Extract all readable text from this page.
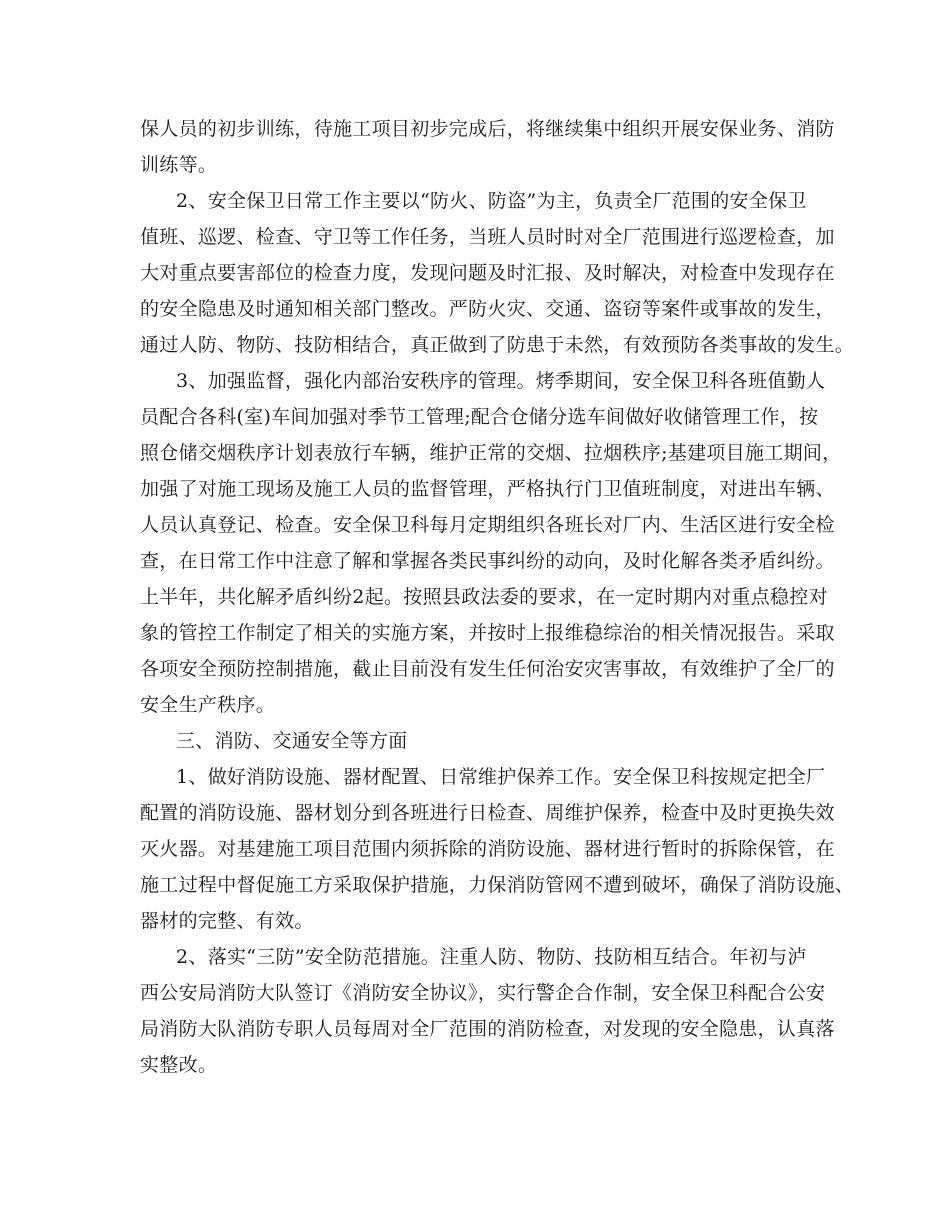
保人员的初步训练，待施工项目初步完成后，将继续集中组织开展安保业务、消防
训练等。
2、安全保卫日常工作主要以“防火、防盗”为主，负责全厂范围的安全保卫
值班、巡逻、检查、守卫等工作任务，当班人员时时对全厂范围进行巡逻检查，加
大对重点要害部位的检查力度，发现问题及时汇报、及时解决，对检查中发现存在
的安全隐患及时通知相关部门整改。严防火灾、交通、盗窃等案件或事故的发生，
通过人防、物防、技防相结合，真正做到了防患于未然，有效预防各类事故的发生。
3、加强监督，强化内部治安秩序的管理。烤季期间，安全保卫科各班值勤人
员配合各科(室)车间加强对季节工管理;配合仓储分选车间做好收储管理工作，按
照仓储交烟秩序计划表放行车辆，维护正常的交烟、拉烟秩序;基建项目施工期间，
加强了对施工现场及施工人员的监督管理，严格执行门卫值班制度，对进出车辆、
人员认真登记、检查。安全保卫科每月定期组织各班长对厂内、生活区进行安全检
查，在日常工作中注意了解和掌握各类民事纠纷的动向，及时化解各类矛盾纠纷。
上半年，共化解矛盾纠纷2起。按照县政法委的要求，在一定时期内对重点稳控对
象的管控工作制定了相关的实施方案，并按时上报维稳综治的相关情况报告。采取
各项安全预防控制措施，截止目前没有发生任何治安灾害事故，有效维护了全厂的
安全生产秩序。
三、消防、交通安全等方面
1、做好消防设施、器材配置、日常维护保养工作。安全保卫科按规定把全厂
配置的消防设施、器材划分到各班进行日检查、周维护保养，检查中及时更换失效
灭火器。对基建施工项目范围内须拆除的消防设施、器材进行暂时的拆除保管，在
施工过程中督促施工方采取保护措施，力保消防管网不遭到破坏，确保了消防设施、
器材的完整、有效。
2、落实“三防”安全防范措施。注重人防、物防、技防相互结合。年初与泸
西公安局消防大队签订《消防安全协议》，实行警企合作制，安全保卫科配合公安
局消防大队消防专职人员每周对全厂范围的消防检查，对发现的安全隐患，认真落
实整改。
